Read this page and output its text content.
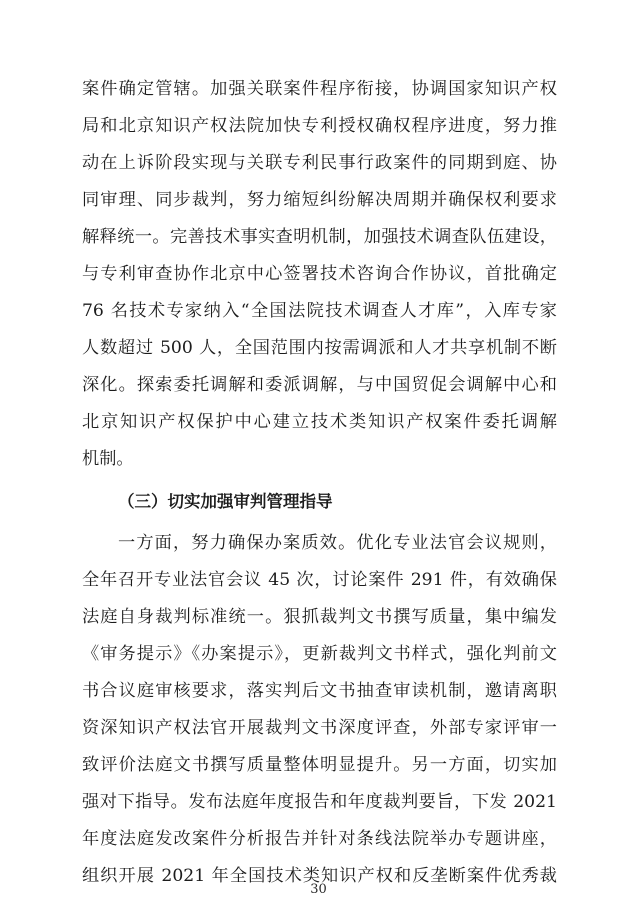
案件确定管辖。加强关联案件程序衔接，协调国家知识产权
局和北京知识产权法院加快专利授权确权程序进度，努力推
动在上诉阶段实现与关联专利民事行政案件的同期到庭、协
同审理、同步裁判，努力缩短纠纷解决周期并确保权利要求
解释统一。完善技术事实查明机制，加强技术调查队伍建设，
与专利审查协作北京中心签署技术咨询合作协议，首批确定
76 名技术专家纳入“全国法院技术调查人才库”，入库专家
人数超过 500 人，全国范围内按需调派和人才共享机制不断
深化。探索委托调解和委派调解，与中国贸促会调解中心和
北京知识产权保护中心建立技术类知识产权案件委托调解
机制。
（三）切实加强审判管理指导
一方面，努力确保办案质效。优化专业法官会议规则，
全年召开专业法官会议 45 次，讨论案件 291 件，有效确保
法庭自身裁判标准统一。狠抓裁判文书撰写质量，集中编发
《审务提示》《办案提示》，更新裁判文书样式，强化判前文
书合议庭审核要求，落实判后文书抽查审读机制，邀请离职
资深知识产权法官开展裁判文书深度评查，外部专家评审一
致评价法庭文书撰写质量整体明显提升。另一方面，切实加
强对下指导。发布法庭年度报告和年度裁判要旨，下发 2021
年度法庭发改案件分析报告并针对条线法院举办专题讲座，
组织开展 2021 年全国技术类知识产权和反垄断案件优秀裁
30
